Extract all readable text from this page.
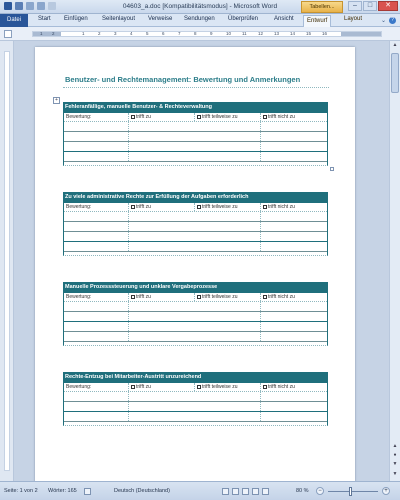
04603_a.doc [Kompatibilitätsmodus] - Microsoft Word	Tabellen...	–	□	✕
Datei	Start Einfügen Seitenlayout Verweise Sendungen Überprüfen	Ansicht	Entwurf	Layout	⌄	?
1 2	1	2	3	4	5	6	7	8	9	10 11	12 13 14 15 16
Benutzer- und Rechtemanagement: Bewertung und Anmerkungen
+
Fehleranfällige, manuelle Benutzer- & Rechteverwaltung
Bewertung:	trifft zu	trifft teilweise zu	trifft nicht zu
Zu viele administrative Rechte zur Erfüllung der Aufgaben erforderlich
Bewertung:	trifft zu	trifft teilweise zu	trifft nicht zu
Manuelle Prozesssteuerung und unklare Vergabeprozesse
Bewertung:	trifft zu	trifft teilweise zu	trifft nicht zu
Rechte-Entzug bei Mitarbeiter-Austritt unzureichend
Bewertung:	trifft zu	trifft teilweise zu	trifft nicht zu
▲
▲
●
▼
▼
Seite: 1 von 2 Wörter: 165	Deutsch (Deutschland)	80 %	−	+
